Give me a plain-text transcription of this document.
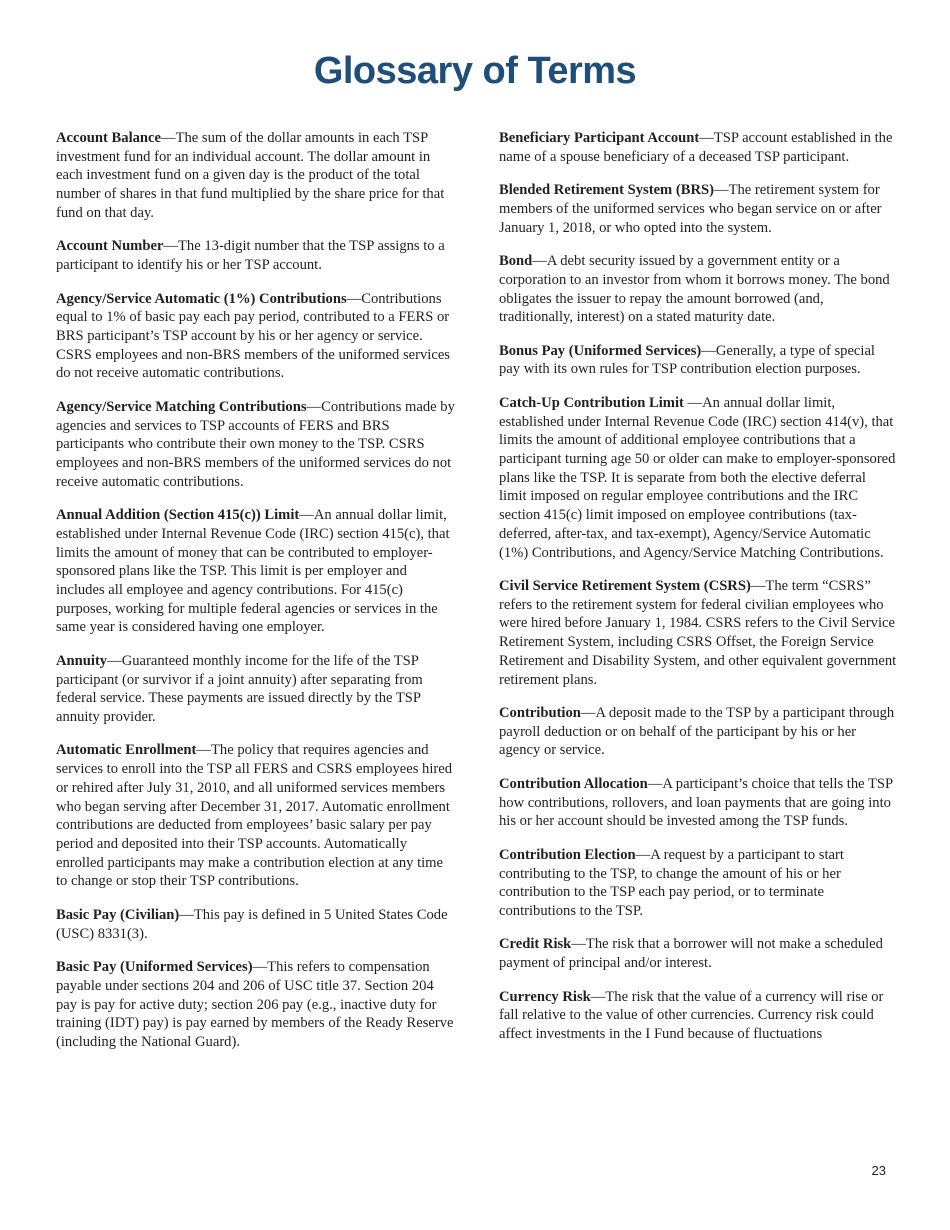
Glossary of Terms

Account Balance—The sum of the dollar amounts in each TSP investment fund for an individual account. The dollar amount in each investment fund on a given day is the product of the total number of shares in that fund multiplied by the share price for that fund on that day.

Account Number—The 13-digit number that the TSP assigns to a participant to identify his or her TSP account.

Agency/Service Automatic (1%) Contributions—Contributions equal to 1% of basic pay each pay period, contributed to a FERS or BRS participant’s TSP account by his or her agency or service. CSRS employees and non-BRS members of the uniformed services do not receive automatic contributions.

Agency/Service Matching Contributions—Contributions made by agencies and services to TSP accounts of FERS and BRS participants who contribute their own money to the TSP. CSRS employees and non-BRS members of the uniformed services do not receive automatic contributions.

Annual Addition (Section 415(c)) Limit—An annual dollar limit, established under Internal Revenue Code (IRC) section 415(c), that limits the amount of money that can be contributed to employer-sponsored plans like the TSP. This limit is per employer and includes all employee and agency contributions. For 415(c) purposes, working for multiple federal agencies or services in the same year is considered having one employer.

Annuity—Guaranteed monthly income for the life of the TSP participant (or survivor if a joint annuity) after separating from federal service. These payments are issued directly by the TSP annuity provider.

Automatic Enrollment—The policy that requires agencies and services to enroll into the TSP all FERS and CSRS employees hired or rehired after July 31, 2010, and all uniformed services members who began serving after December 31, 2017. Automatic enrollment contributions are deducted from employees’ basic salary per pay period and deposited into their TSP accounts. Automatically enrolled participants may make a contribution election at any time to change or stop their TSP contributions.

Basic Pay (Civilian)—This pay is defined in 5 United States Code (USC) 8331(3).

Basic Pay (Uniformed Services)—This refers to compensation payable under sections 204 and 206 of USC title 37. Section 204 pay is pay for active duty; section 206 pay (e.g., inactive duty for training (IDT) pay) is pay earned by members of the Ready Reserve (including the National Guard).

Beneficiary Participant Account—TSP account established in the name of a spouse beneficiary of a deceased TSP participant.

Blended Retirement System (BRS)—The retirement system for members of the uniformed services who began service on or after January 1, 2018, or who opted into the system.

Bond—A debt security issued by a government entity or a corporation to an investor from whom it borrows money. The bond obligates the issuer to repay the amount borrowed (and, traditionally, interest) on a stated maturity date.

Bonus Pay (Uniformed Services)—Generally, a type of special pay with its own rules for TSP contribution election purposes.

Catch-Up Contribution Limit —An annual dollar limit, established under Internal Revenue Code (IRC) section 414(v), that limits the amount of additional employee contributions that a participant turning age 50 or older can make to employer-sponsored plans like the TSP. It is separate from both the elective deferral limit imposed on regular employee contributions and the IRC section 415(c) limit imposed on employee contributions (tax-deferred, after-tax, and tax-exempt), Agency/Service Automatic (1%) Contributions, and Agency/Service Matching Contributions.

Civil Service Retirement System (CSRS)—The term “CSRS” refers to the retirement system for federal civilian employees who were hired before January 1, 1984. CSRS refers to the Civil Service Retirement System, including CSRS Offset, the Foreign Service Retirement and Disability System, and other equivalent government retirement plans.

Contribution—A deposit made to the TSP by a participant through payroll deduction or on behalf of the participant by his or her agency or service.

Contribution Allocation—A participant’s choice that tells the TSP how contributions, rollovers, and loan payments that are going into his or her account should be invested among the TSP funds.

Contribution Election—A request by a participant to start contributing to the TSP, to change the amount of his or her contribution to the TSP each pay period, or to terminate contributions to the TSP.

Credit Risk—The risk that a borrower will not make a scheduled payment of principal and/or interest.

Currency Risk—The risk that the value of a currency will rise or fall relative to the value of other currencies. Currency risk could affect investments in the I Fund because of fluctuations

23
